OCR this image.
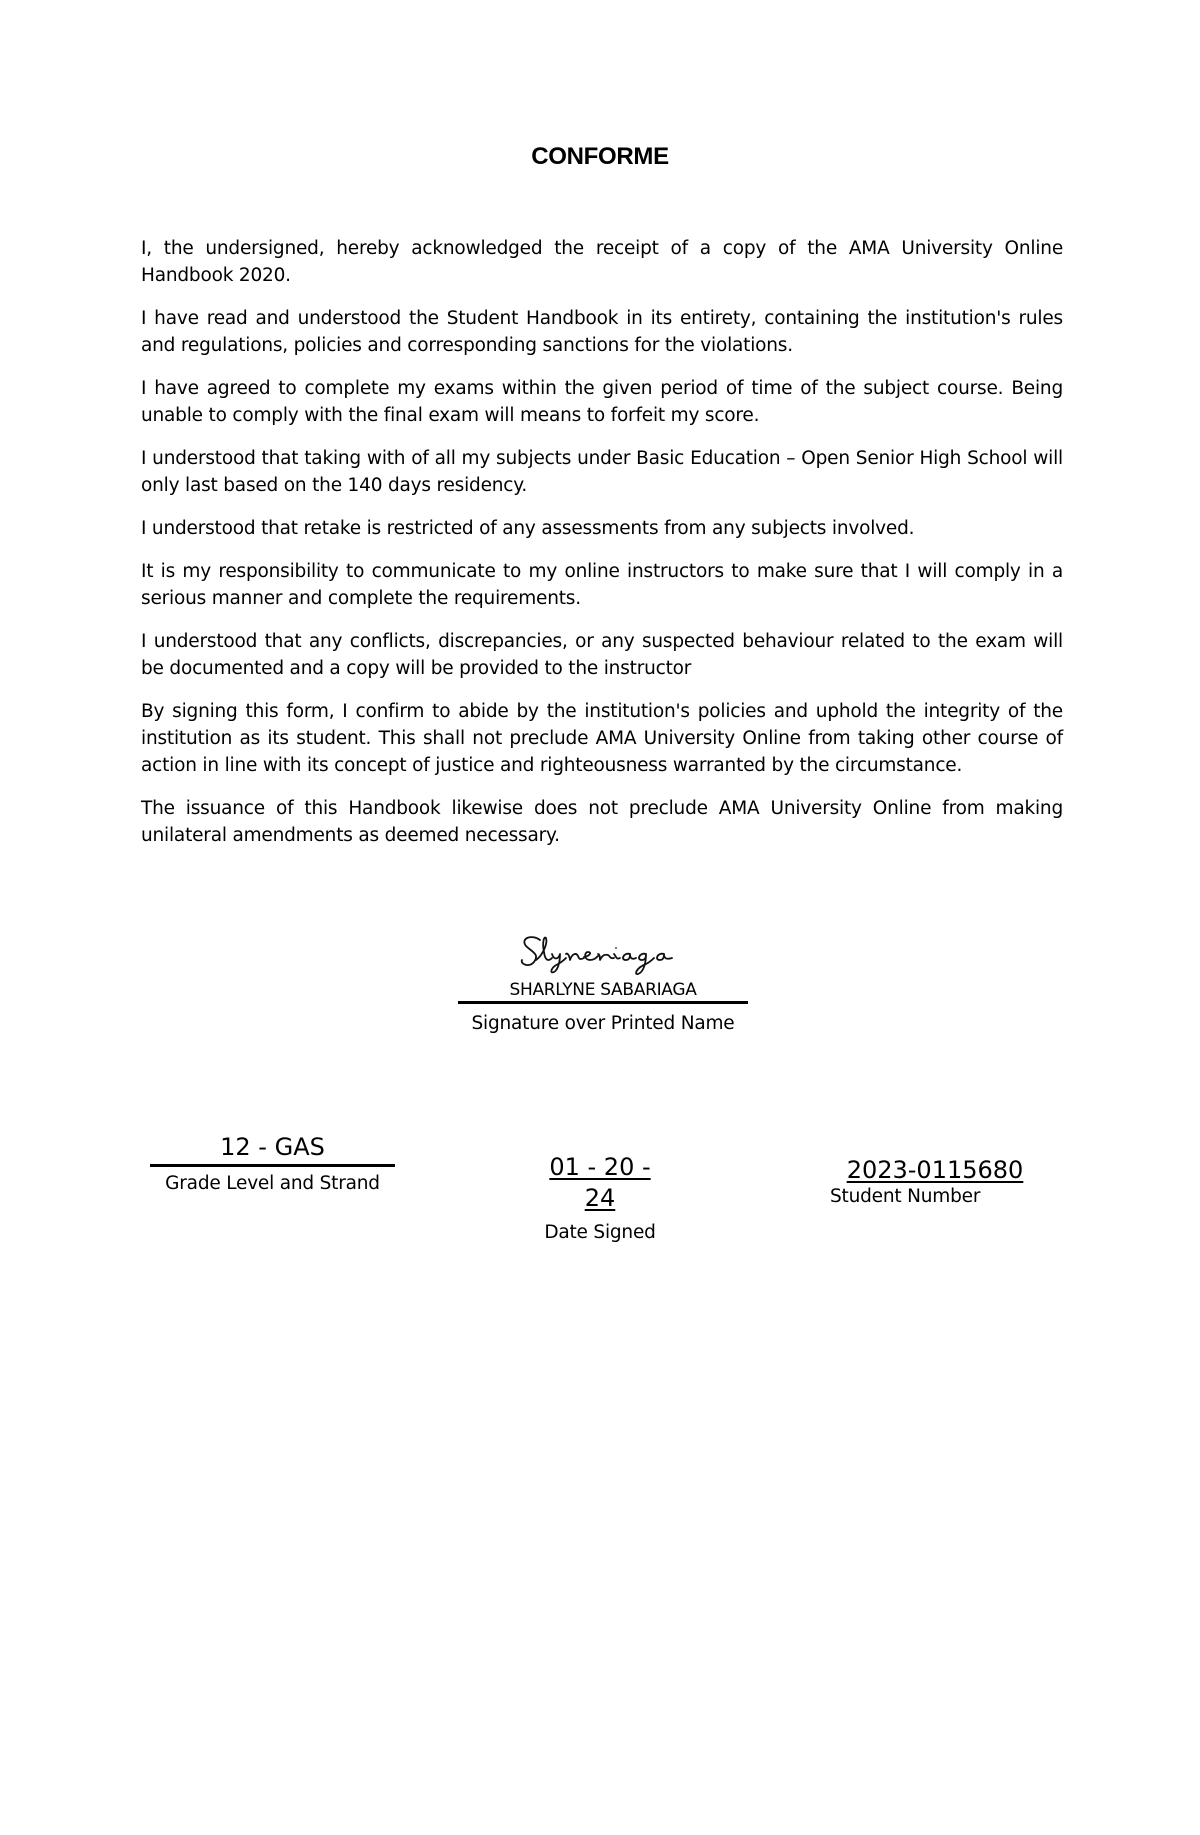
CONFORME

I, the undersigned, hereby acknowledged the receipt of a copy of the AMA University Online Handbook 2020.

I have read and understood the Student Handbook in its entirety, containing the institution's rules and regulations, policies and corresponding sanctions for the violations.

I have agreed to complete my exams within the given period of time of the subject course. Being unable to comply with the final exam will means to forfeit my score.

I understood that taking with of all my subjects under Basic Education – Open Senior High School will only last based on the 140 days residency.

I understood that retake is restricted of any assessments from any subjects involved.

It is my responsibility to communicate to my online instructors to make sure that I will comply in a serious manner and complete the requirements.

I understood that any conflicts, discrepancies, or any suspected behaviour related to the exam will be documented and a copy will be provided to the instructor

By signing this form, I confirm to abide by the institution's policies and uphold the integrity of the institution as its student. This shall not preclude AMA University Online from taking other course of action in line with its concept of justice and righteousness warranted by the circumstance.

The issuance of this Handbook likewise does not preclude AMA University Online from making unilateral amendments as deemed necessary.

SHARLYNE SABARIAGA
Signature over Printed Name
12 - GAS
Grade Level and Strand
01 - 20 -
24
Date Signed
2023-0115680
Student Number
